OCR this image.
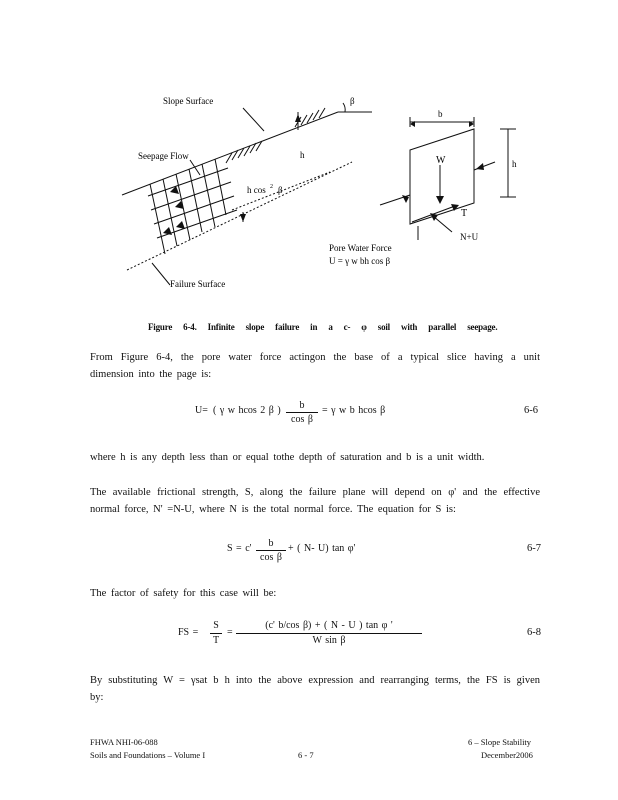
Slope Surface
Seepage Flow	h
h cos 2 β
β
Failure Surface
b
h
W
T
N+U
Pore Water Force
U = γ w bh cos β
Figure 6-4. Infinite slope failure in a c- φ soil with parallel seepage.
From Figure 6-4, the pore water force actingon the base of a typical slice having a unit
dimension into the page is:
U= ( γ w hcos 2 β ) $\frac{b}{\text{cos β}} = \gamma$ w b hcos β	6-6
where h is any depth less than or equal tothe depth of saturation and b is a unit width.
The available frictional strength, S, along the failure plane will depend on φ' and the effective
normal force, N' =N-U, where N is the total normal force. The equation for S is:
$S = c' \frac{b}{\text{cos β}}$ + ( N- U) tan φ'	6-7
The factor of safety for this case will be:
FS = $\frac{S}{T} = \frac{\text{(c' b/cos β) + ( N - U ) tan φ '}}{\text{W sin β}}$	6-8
By substituting W = γsat b h into the above expression and rearranging terms, the FS is given
by:
FHWA NHI-06-088
Soils and Foundations – Volume I	6 - 7
6 – Slope Stability
December2006
